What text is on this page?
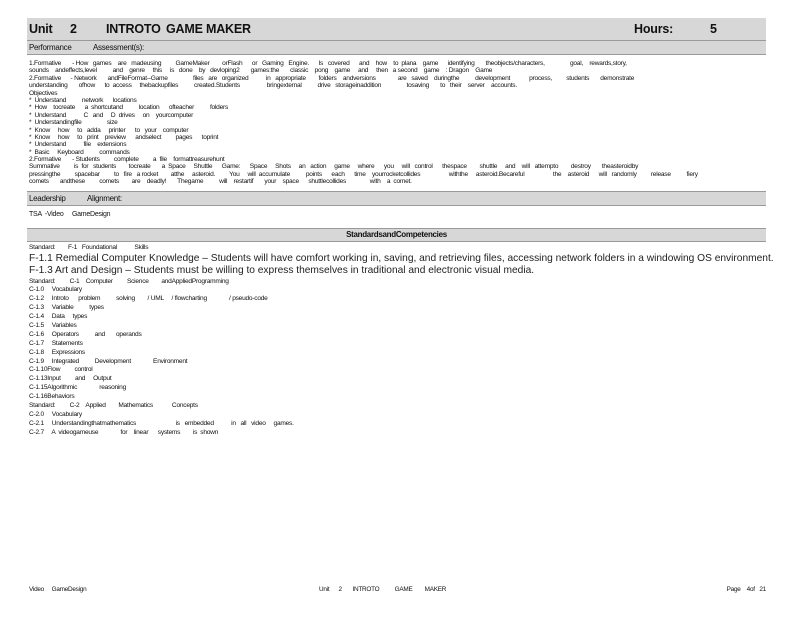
Unit 2 INTROTO GAME MAKER	Hours:	5
Performance	Assessment(s):
1.Formative       - How   games    are   madeusing         GameMaker        orFlash      or   Gaming   Engine.      Is   covered      and    how    to  plana    game      identifying       theobjects/characters,                goal,    rewards,story,
sounds    andeffects,level          and    genre     this     is   done    by   devloping2       games:the       classic    pong    game     and     then   a second    game    : Dragon    Game
2.Formative      - Network       andFileFormat--Game                files   are   organized           in   appropriate        folders    andversions              are   saved    duringthe          development            process,         students       demonstrate
understanding       ofhow      to  access     thebackupfiles          created.Students                 bringexternal          drive   storageinaddition                tosaving       to   their    server    accounts.
Objectives
*  Understand          network      locations
*  How    tocreate      a  shortcutand          location      ofteacher          folders
*  Understand           C   and     D  drives     on    yourcomputer
*  Understandingfile                size
*  Know     how     to   adda     printer      to   your    computer
*  Know     how     to   print    preview      andselect         pages      toprint
*  Understand           file    extensions
*  Basic     Keyboard          commands
2.Formative       - Students         complete         a  file    formattreasurehunt
Summative         is  for   students        tocreate       a  Space     Shuttle      Game:      Space     Shots     an   action     game     where      you     will   control      thespace        shuttle     and    will   attempto        destroy       theasteroidby
pressingthe         spacebar         to   fire   a rocket        atthe     asteroid.         You     will  accumulate          points      each      time    yourrocketcollides                  withthe     asteroid.Becareful                  the    asteroid      will   randomly         release          fiery
comets       andthese         comets        are    deadly!       Thegame          will    restartif       your    space      shuttlecollides               with    a  comet.
Leadership	Alignment:
TSA  -Video     GameDesign
StandardsandCompetencies
Standard:        F-1   Foundational           Skills
F-1.1 Remedial Computer Knowledge – Students will have comfort working in, saving, and retrieving files, accessing network folders in a windowing OS environment.
F-1.3 Art and Design – Students must be willing to express themselves in traditional and electronic visual media.
Standard:         C-1    Computer         Science        andAppliedProgramming
C-1.0     Vocabulary
C-1.2     Introto      problem          solving        / UML     / flowcharting              / pseudo-code
C-1.3     Variable          types
C-1.4     Data     types
C-1.5     Variables
C-1.6     Operators          and       operands
C-1.7     Statements
C-1.8     Expressions
C-1.9     Integrated          Development              Environment
C-1.10Flow         control
C-1.13Input         and     Output
C-1.15Algorithmic              reasoning
C-1.16Behaviors
Standard:         C-2    Applied        Mathematics            Concepts
C-2.0     Vocabulary
C-2.1     Understandingthatmathematics                         is   embedded           in   all   video     games.
C-2.7     A  videogameuse              for    linear      systems        is  shown
Video     GameDesign	Unit      2       INTROTO          GAME        MAKER	Page    4of   21
